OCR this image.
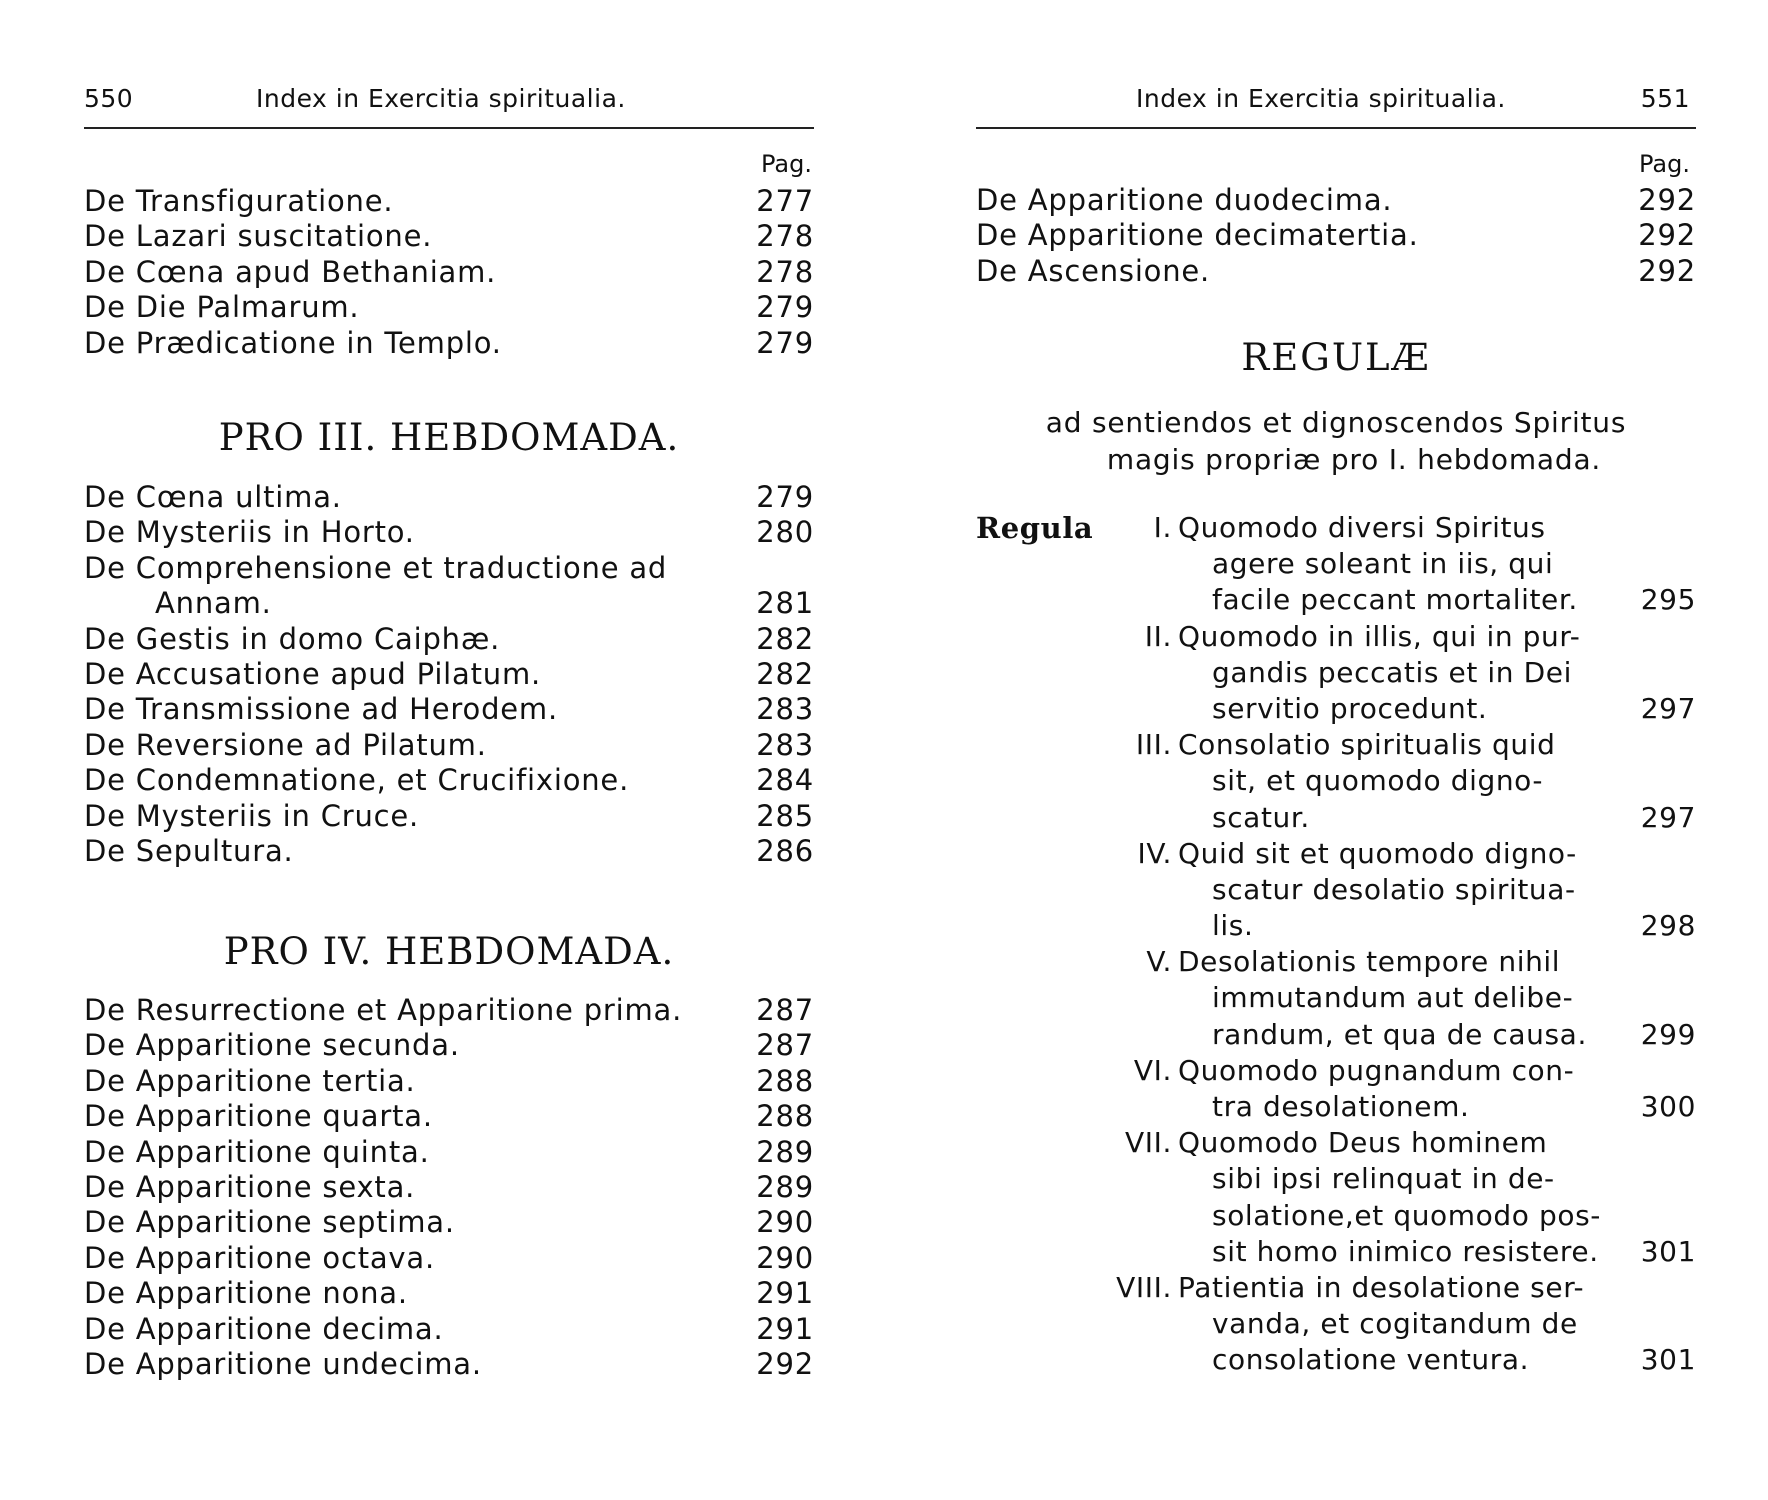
550	Index in Exercitia spiritualia.
Pag.
De Transfiguratione.	277
De Lazari suscitatione.	278
De Cœna apud Bethaniam.	278
De Die Palmarum.	279
De Prædicatione in Templo.	279
PRO III. HEBDOMADA.
De Cœna ultima.	279
De Mysteriis in Horto.	280
De Comprehensione et traductione ad
Annam.	281
De Gestis in domo Caiphæ.	282
De Accusatione apud Pilatum.	282
De Transmissione ad Herodem.	283
De Reversione ad Pilatum.	283
De Condemnatione, et Crucifixione.	284
De Mysteriis in Cruce.	285
De Sepultura.	286
PRO IV. HEBDOMADA.
De Resurrectione et Apparitione prima.	287
De Apparitione secunda.	287
De Apparitione tertia.	288
De Apparitione quarta.	288
De Apparitione quinta.	289
De Apparitione sexta.	289
De Apparitione septima.	290
De Apparitione octava.	290
De Apparitione nona.	291
De Apparitione decima.	291
De Apparitione undecima.	292
Index in Exercitia spiritualia.	551
Pag.
De Apparitione duodecima.	292
De Apparitione decimatertia.	292
De Ascensione.	292
REGULÆ
ad sentiendos et dignoscendos Spiritus
magis propriæ pro I. hebdomada.
Regula I. Quomodo diversi Spiritus
agere soleant in iis, qui
facile peccant mortaliter. 295
II. Quomodo in illis, qui in pur-
gandis peccatis et in Dei
servitio procedunt.	297
III. Consolatio spiritualis quid
sit, et quomodo digno-
scatur.	297
IV. Quid sit et quomodo digno-
scatur desolatio spiritua-
lis.	298
V. Desolationis tempore nihil
immutandum aut delibe-
randum, et qua de causa. 299
VI. Quomodo pugnandum con-
tra desolationem.	300
VII. Quomodo Deus hominem
sibi ipsi relinquat in de-
solatione,et quomodo pos-
sit homo inimico resistere. 301
VIII. Patientia in desolatione ser-
vanda, et cogitandum de
consolatione ventura.	301
